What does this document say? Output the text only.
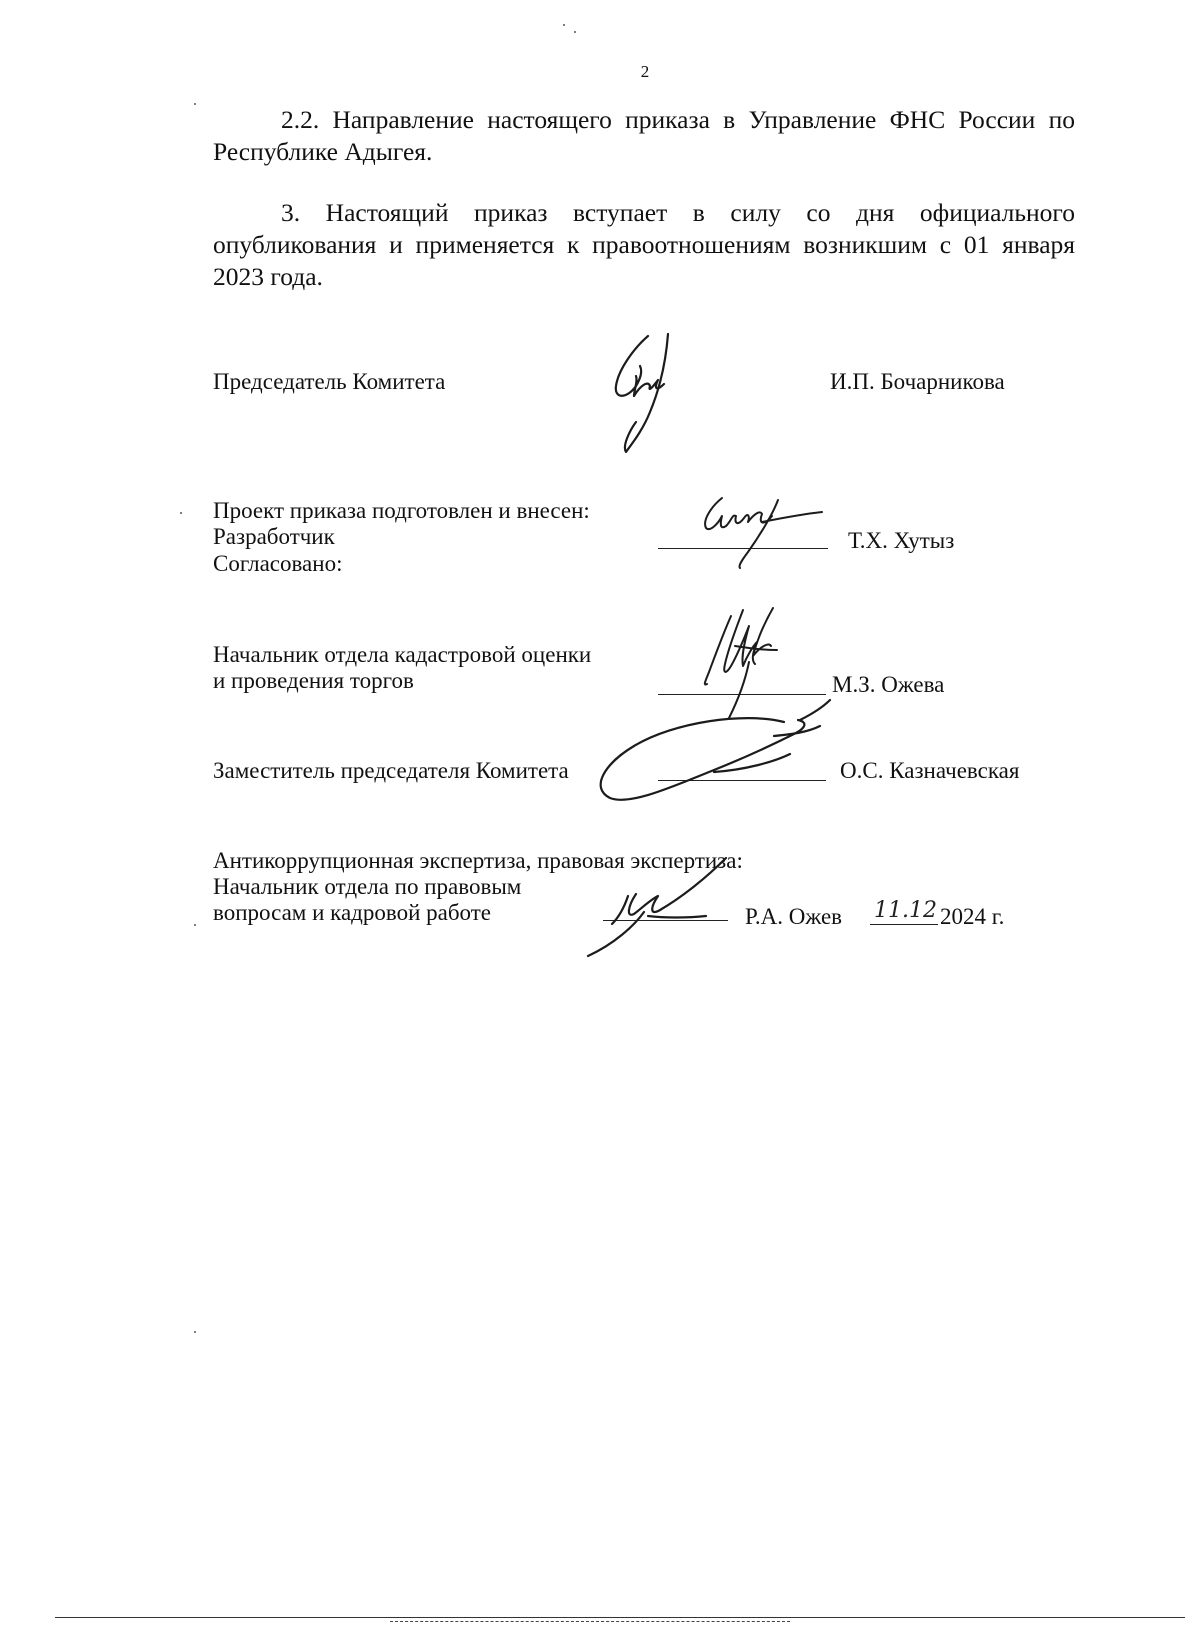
2
2.2. Направление настоящего приказа в Управление ФНС России по Республике Адыгея.
3. Настоящий приказ вступает в силу со дня официального опубликования и применяется к правоотношениям возникшим с 01 января 2023 года.
Председатель Комитета	И.П. Бочарникова
Проект приказа подготовлен и внесен:
Разработчик	Т.Х. Хутыз
Согласовано:
Начальник отдела кадастровой оценки
и проведения торгов	М.З. Ожева
Заместитель председателя Комитета	О.С. Казначевская
Антикоррупционная экспертиза, правовая экспертиза:
Начальник отдела по правовым
вопросам и кадровой работе	Р.А. Ожев 11.12 2024 г.
